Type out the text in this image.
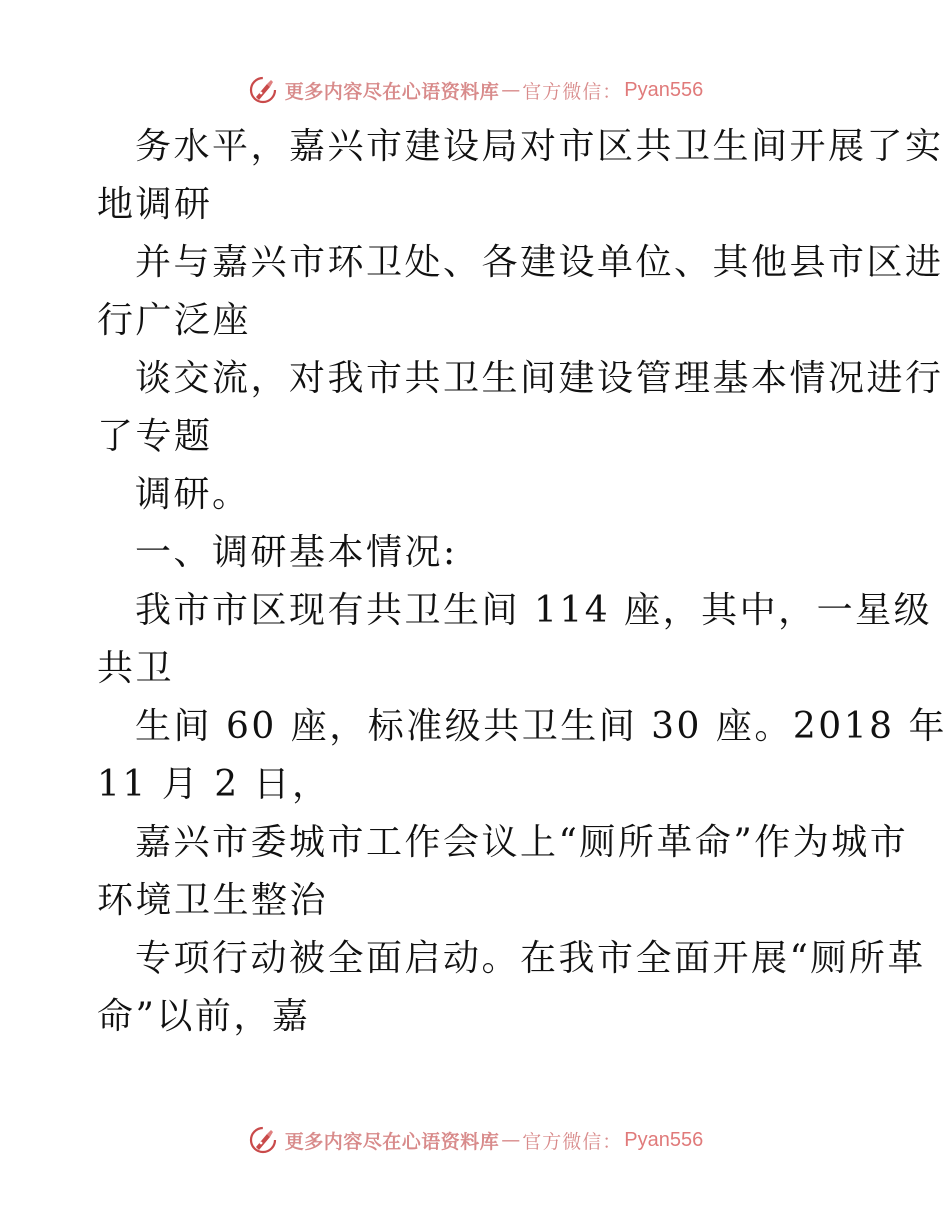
更多内容尽在心语资料库 — 官方微信： Pyan556
务水平，嘉兴市建设局对市区共卫生间开展了实
地调研
并与嘉兴市环卫处、各建设单位、其他县市区进
行广泛座
谈交流，对我市共卫生间建设管理基本情况进行
了专题
调研。
一、调研基本情况:
我市市区现有共卫生间 114 座，其中，一星级
共卫
生间 60 座，标准级共卫生间 30 座。2018 年
11 月 2 日，
嘉兴市委城市工作会议上“厕所革命”作为城市
环境卫生整治
专项行动被全面启动。在我市全面开展“厕所革
命”以前，嘉
更多内容尽在心语资料库 — 官方微信： Pyan556
